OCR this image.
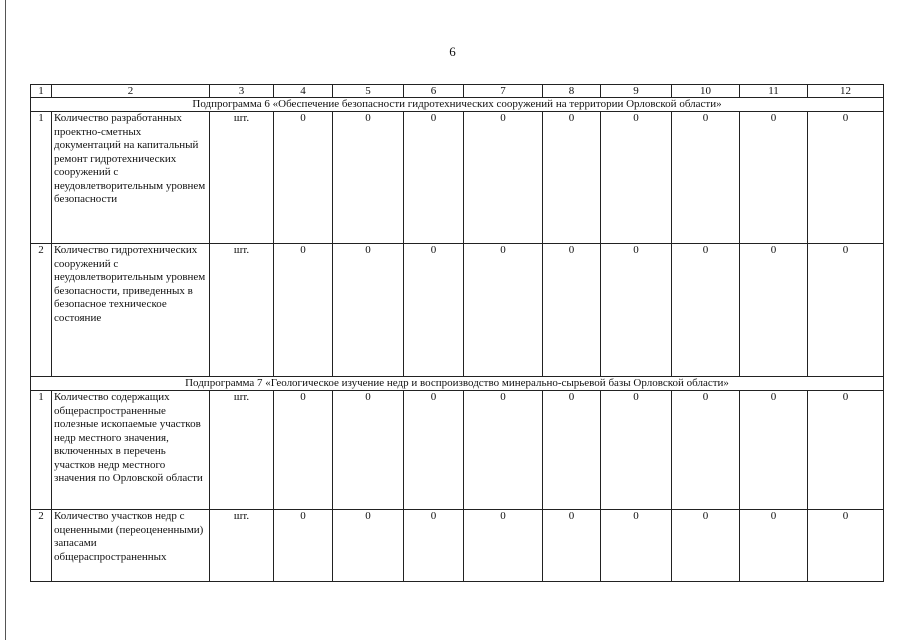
6
1	2	3	4	5	6	7	8	9	10	11	12
Подпрограмма 6 «Обеспечение безопасности гидротехнических сооружений на территории Орловской области»											
1	Количество разработанных проектно-сметных документаций на капитальный ремонт гидротехнических сооружений с неудовлетворительным уровнем безопасности	шт.	0	0	0	0	0	0	0	0	0
2	Количество гидротехнических сооружений с неудовлетворительным уровнем безопасности, приведенных в безопасное техническое состояние	шт.	0	0	0	0	0	0	0	0	0
Подпрограмма 7 «Геологическое изучение недр и воспроизводство минерально-сырьевой базы Орловской области»											
1	Количество содержащих общераспространенные полезные ископаемые участков недр местного значения, включенных в перечень участков недр местного значения по Орловской области	шт.	0	0	0	0	0	0	0	0	0
2	Количество участков недр с оцененными (переоцененными) запасами общераспространенных	шт.	0	0	0	0	0	0	0	0	0
